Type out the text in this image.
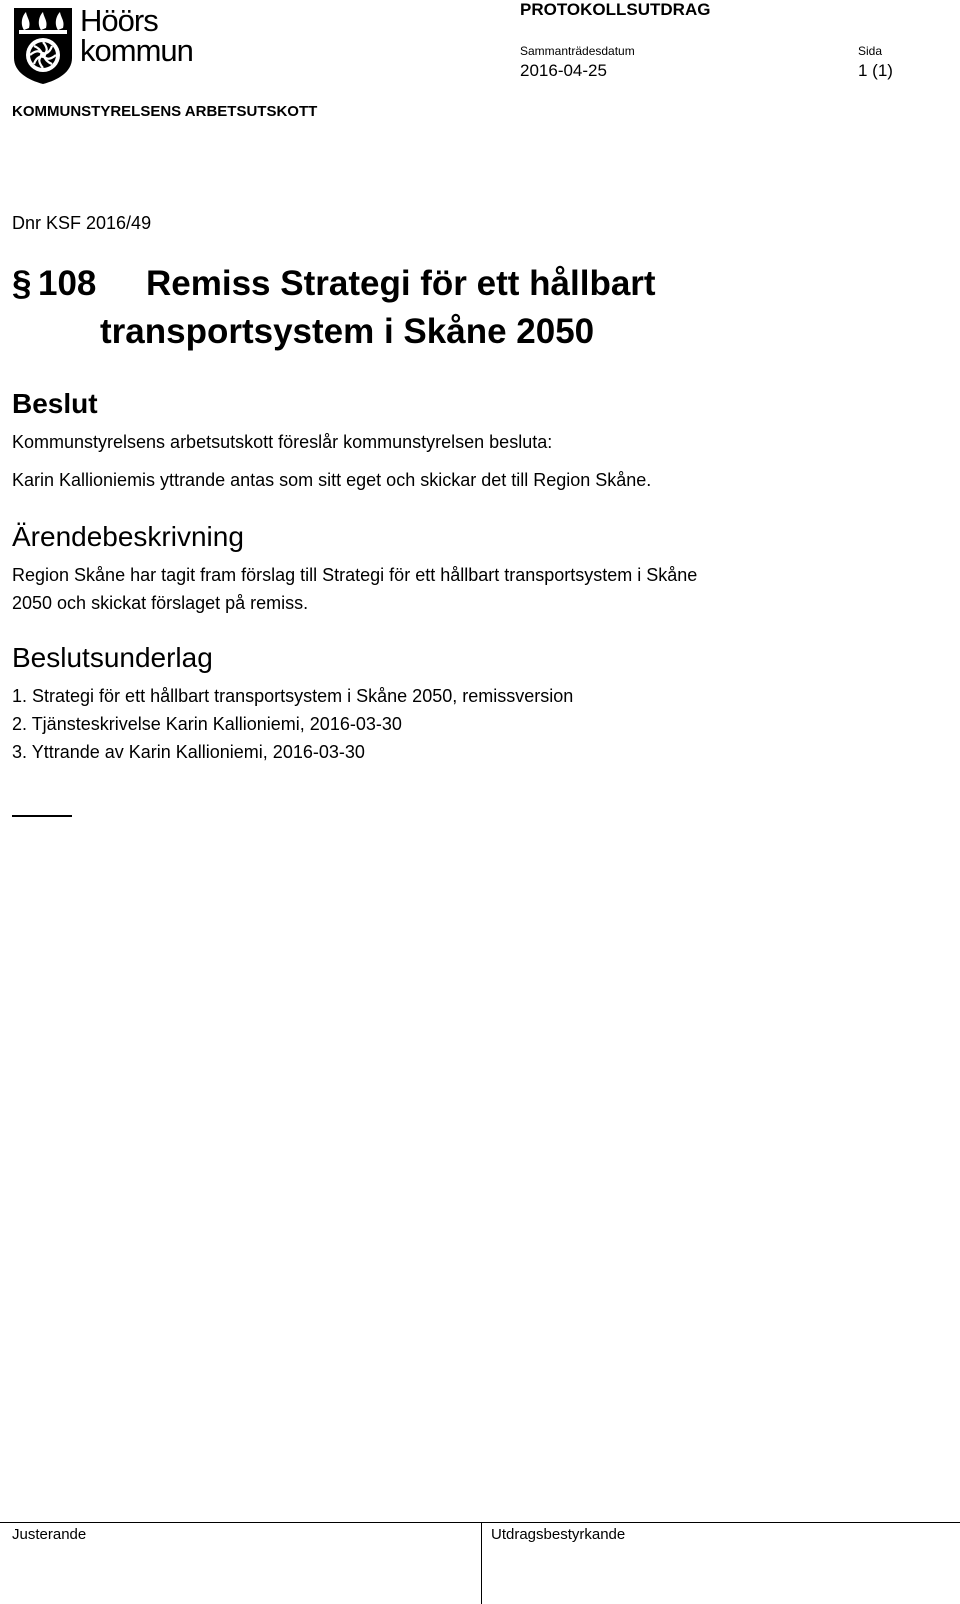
Höörs
kommun
PROTOKOLLSUTDRAG
Sammanträdesdatum
2016-04-25
Sida
1 (1)
KOMMUNSTYRELSENS ARBETSUTSKOTT
Dnr KSF 2016/49
§ 108 Remiss Strategi för ett hållbart
transportsystem i Skåne 2050
Beslut
Kommunstyrelsens arbetsutskott föreslår kommunstyrelsen besluta:
Karin Kallioniemis yttrande antas som sitt eget och skickar det till Region Skåne.
Ärendebeskrivning
Region Skåne har tagit fram förslag till Strategi för ett hållbart transportsystem i Skåne
2050 och skickat förslaget på remiss.
Beslutsunderlag
1. Strategi för ett hållbart transportsystem i Skåne 2050, remissversion
2. Tjänsteskrivelse Karin Kallioniemi, 2016-03-30
3. Yttrande av Karin Kallioniemi, 2016-03-30
Justerande	Utdragsbestyrkande
